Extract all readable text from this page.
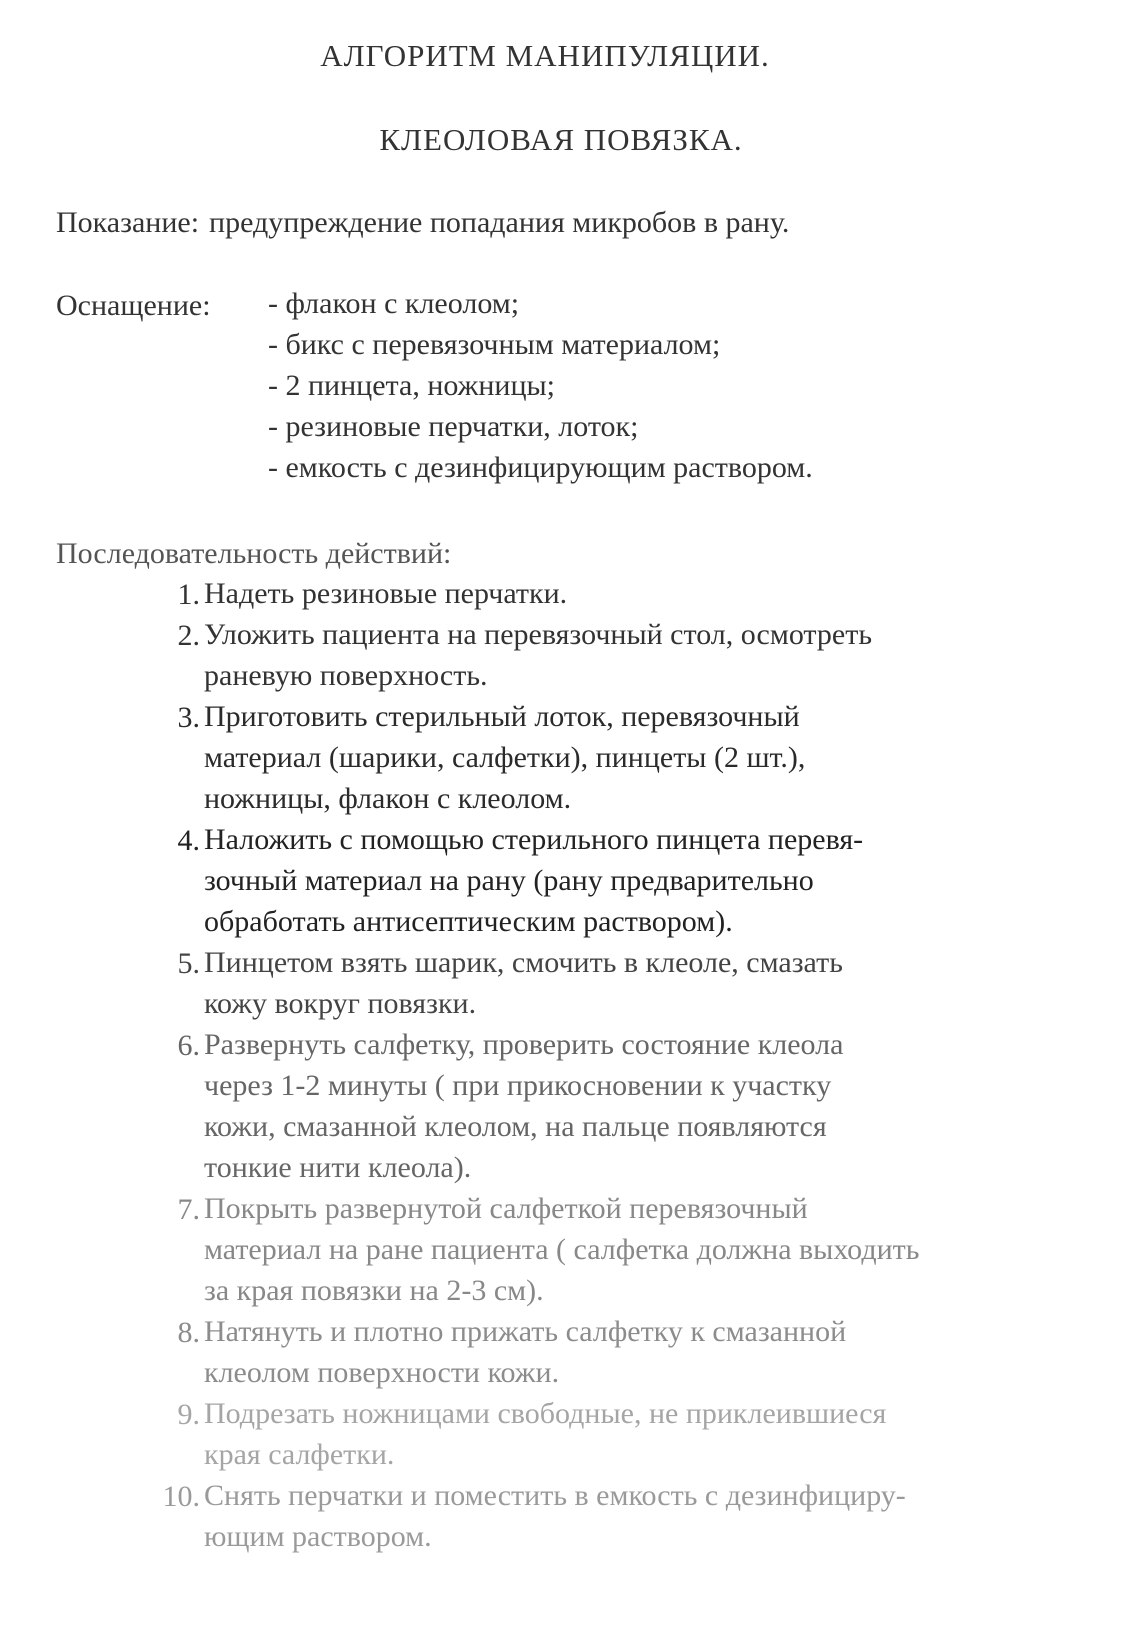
АЛГОРИТМ МАНИПУЛЯЦИИ.
КЛЕОЛОВАЯ ПОВЯЗКА.
Показание: предупреждение попадания микробов в рану.
Оснащение: - флакон с клеолом;
- бикс с перевязочным материалом;
- 2 пинцета, ножницы;
- резиновые перчатки, лоток;
- емкость с дезинфицирующим раствором.
Последовательность действий:
1. Надеть резиновые перчатки.
2. Уложить пациента на перевязочный стол, осмотреть
раневую поверхность.
3. Приготовить стерильный лоток, перевязочный
материал (шарики, салфетки), пинцеты (2 шт.),
ножницы, флакон с клеолом.
4. Наложить с помощью стерильного пинцета перевя-
зочный материал на рану (рану предварительно
обработать антисептическим раствором).
5. Пинцетом взять шарик, смочить в клеоле, смазать
кожу вокруг повязки.
6. Развернуть салфетку, проверить состояние клеола
через 1-2 минуты ( при прикосновении к участку
кожи, смазанной клеолом, на пальце появляются
тонкие нити клеола).
7. Покрыть развернутой салфеткой перевязочный
материал на ране пациента ( салфетка должна выходить
за края повязки на 2-3 см).
8. Натянуть и плотно прижать салфетку к смазанной
клеолом поверхности кожи.
9. Подрезать ножницами свободные, не приклеившиеся
края салфетки.
10. Снять перчатки и поместить в емкость с дезинфициру-
ющим раствором.
